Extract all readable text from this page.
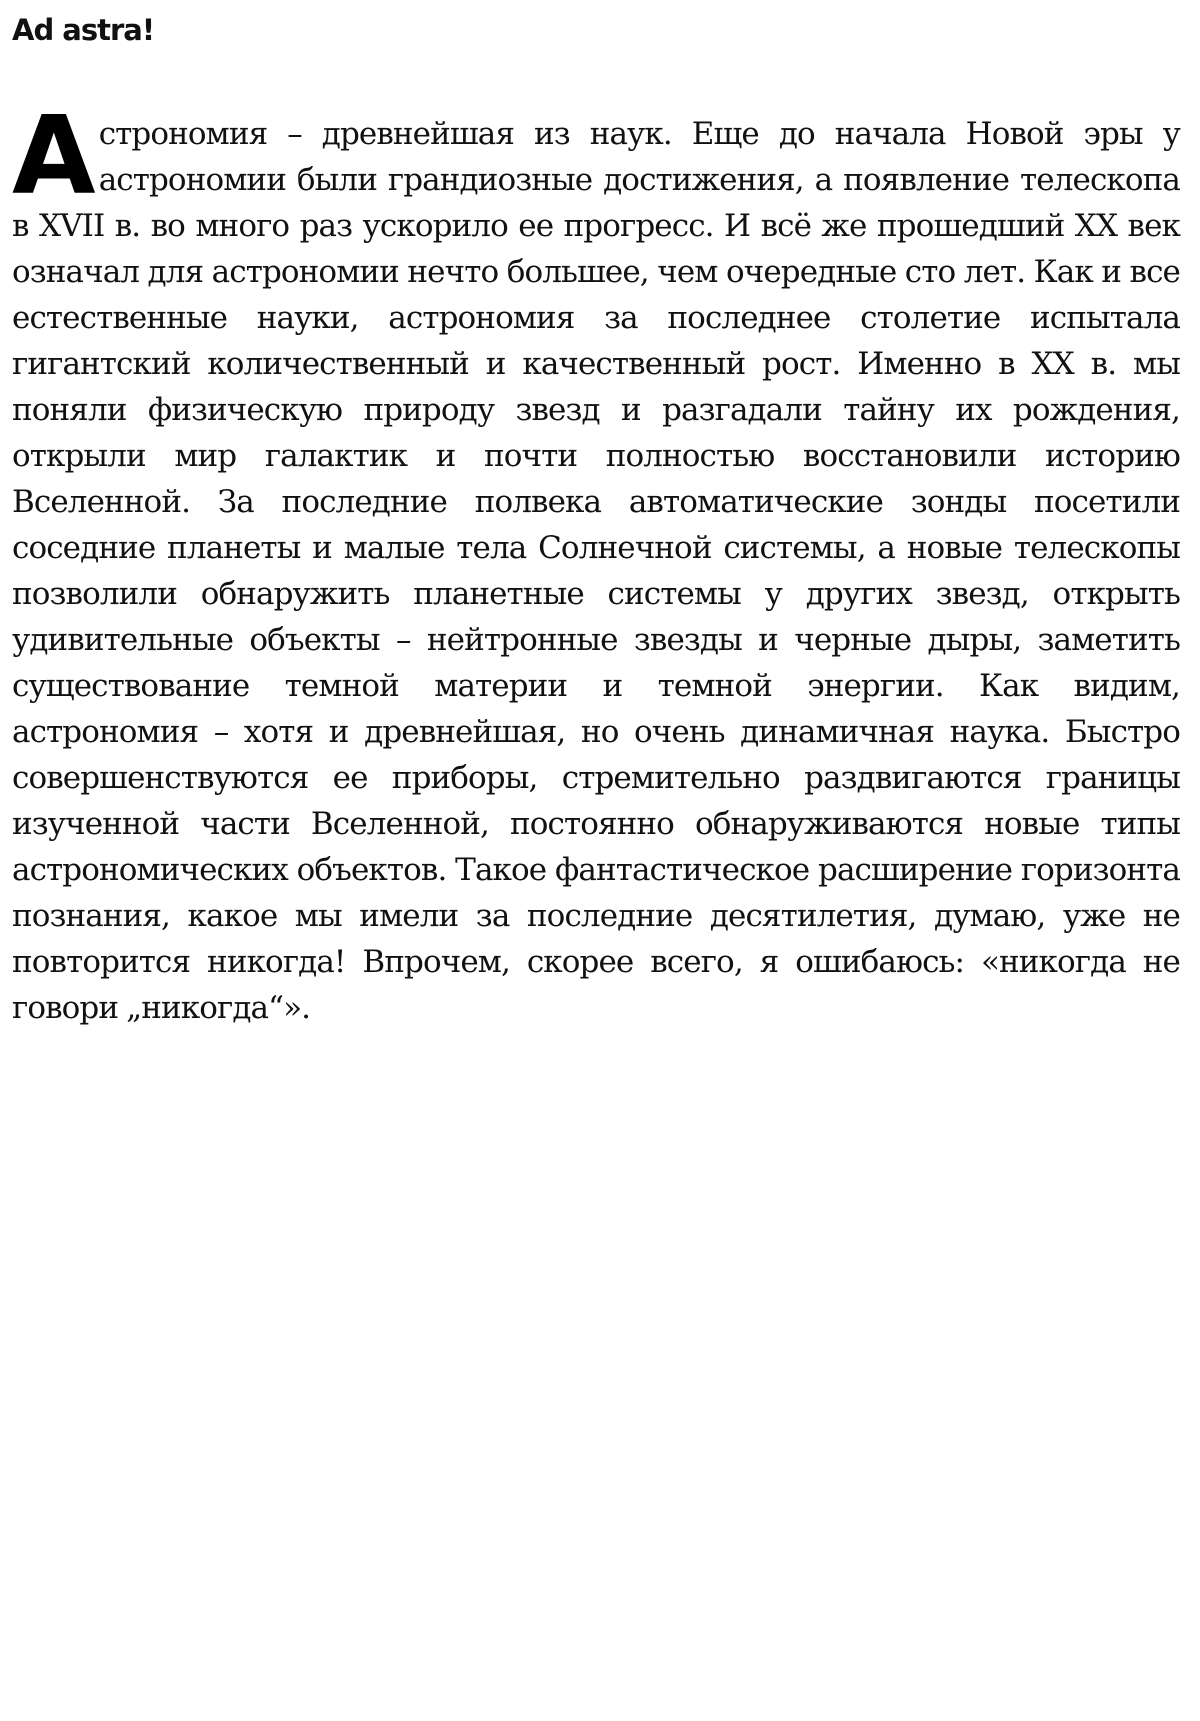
Ad astra!

Астрономия – древнейшая из наук. Еще до начала Новой эры у астрономии были грандиозные достижения, а появление телескопа в XVII в. во много раз ускорило ее прогресс. И всё же прошедший XX век означал для астрономии нечто большее, чем очередные сто лет. Как и все естественные науки, астрономия за последнее столетие испытала гигантский количественный и качественный рост. Именно в XX в. мы поняли физическую природу звезд и разгадали тайну их рождения, открыли мир галактик и почти полностью восстановили историю Вселенной. За последние полвека автоматические зонды посетили соседние планеты и малые тела Солнечной системы, а новые телескопы позволили обнаружить планетные системы у других звезд, открыть удивительные объекты – нейтронные звезды и черные дыры, заметить существование темной материи и темной энергии. Как видим, астрономия – хотя и древнейшая, но очень динамичная наука. Быстро совершенствуются ее приборы, стремительно раздвигаются границы изученной части Вселенной, постоянно обнаруживаются новые типы астрономических объектов. Такое фантастическое расширение горизонта познания, какое мы имели за последние десятилетия, думаю, уже не повторится никогда! Впрочем, скорее всего, я ошибаюсь: «никогда не говори „никогда“».
